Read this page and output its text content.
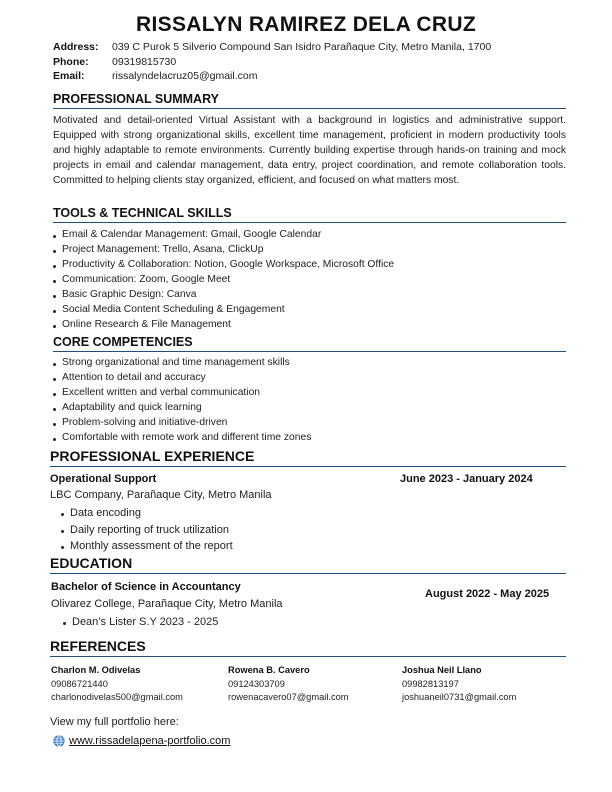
RISSALYN RAMIREZ DELA CRUZ
Address:	039 C Purok 5 Silverio Compound San Isidro Parañaque City, Metro Manila, 1700
Phone:	09319815730
Email:	rissalyndelacruz05@gmail.com
PROFESSIONAL SUMMARY
Motivated and detail-oriented Virtual Assistant with a background in logistics and administrative support. Equipped with strong organizational skills, excellent time management, proficient in modern productivity tools and highly adaptable to remote environments. Currently building expertise through hands-on training and mock projects in email and calendar management, data entry, project coordination, and remote collaboration tools. Committed to helping clients stay organized, efficient, and focused on what matters most.
TOOLS & TECHNICAL SKILLS
Email & Calendar Management: Gmail, Google Calendar
Project Management: Trello, Asana, ClickUp
Productivity & Collaboration: Notion, Google Workspace, Microsoft Office
Communication: Zoom, Google Meet
Basic Graphic Design: Canva
Social Media Content Scheduling & Engagement
Online Research & File Management
CORE COMPETENCIES
Strong organizational and time management skills
Attention to detail and accuracy
Excellent written and verbal communication
Adaptability and quick learning
Problem-solving and initiative-driven
Comfortable with remote work and different time zones
PROFESSIONAL EXPERIENCE
Operational Support	June 2023 - January 2024
LBC Company, Parañaque City, Metro Manila
Data encoding
Daily reporting of truck utilization
Monthly assessment of the report
EDUCATION
Bachelor of Science in Accountancy
August 2022 - May 2025
Olivarez College, Parañaque City, Metro Manila
Dean’s Lister S.Y 2023 - 2025
REFERENCES
Charlon M. Odivelas
09086721440
charlonodivelas500@gmail.com
Rowena B. Cavero
09124303709
rowenacavero07@gmail.com
Joshua Neil Llano
09982813197
joshuaneil0731@gmail.com
View my full portfolio here:
www.rissadelapena-portfolio.com
